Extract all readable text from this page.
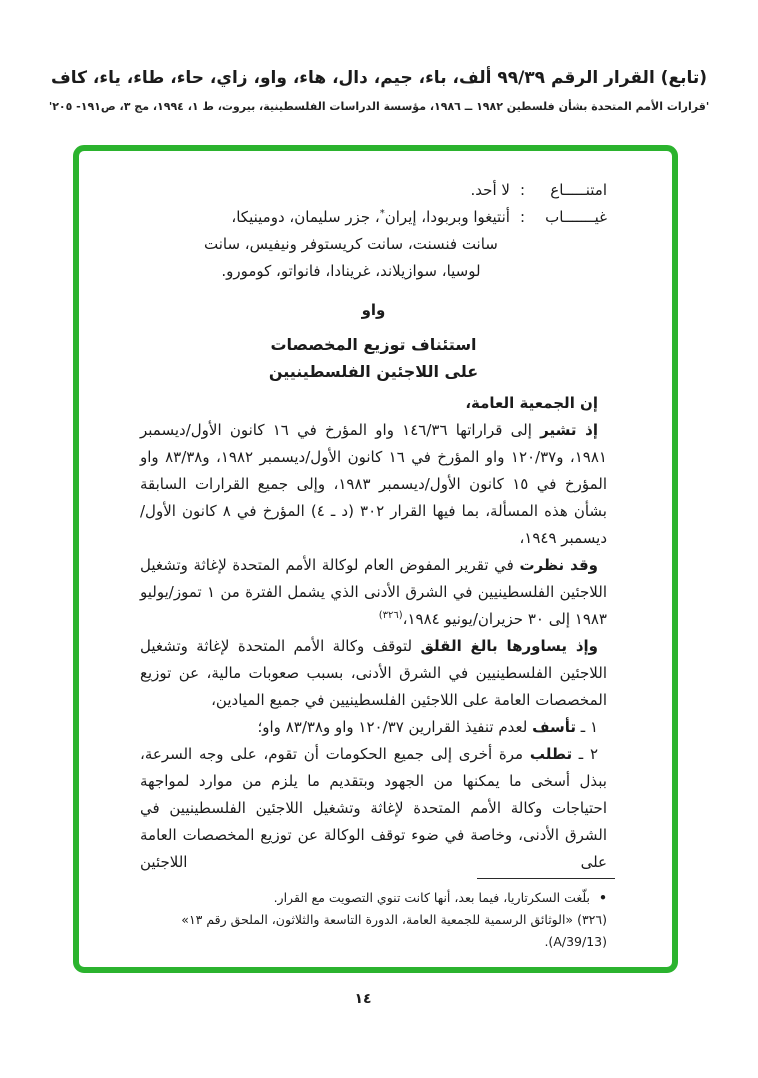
(تابع) القرار الرقم ٩٩/٣٩ ألف، باء، جيم، دال، هاء، واو، زاي، حاء، طاء، ياء، كاف
'قرارات الأمم المتحدة بشأن فلسطين ١٩٨٢ ــ ١٩٨٦، مؤسسة الدراسات الفلسطينية، بيروت، ط ١، ١٩٩٤، مج ٣، ص١٩١- ٢٠٥'
امتنـــــاع
:
لا أحد.
غيـــــــاب
:
أنتيغوا وبربودا، إيران*، جزر سليمان، دومينيكا،
سانت فنسنت، سانت كريستوفر ونيفيس، سانت
لوسيا، سوازيلاند، غرينادا، فانواتو، كومورو.
واو
استئناف توزيع المخصصات
على اللاجئين الفلسطينيين
إن الجمعية العامة،

إذ تشير إلى قراراتها ١٤٦/٣٦ واو المؤرخ في ١٦ كانون الأول/ديسمبر ١٩٨١، و١٢٠/٣٧ واو المؤرخ في ١٦ كانون الأول/ديسمبر ١٩٨٢، و٨٣/٣٨ واو المؤرخ في ١٥ كانون الأول/ديسمبر ١٩٨٣، وإلى جميع القرارات السابقة بشأن هذه المسألة، بما فيها القرار ٣٠٢ (د ـ ٤) المؤرخ في ٨ كانون الأول/ديسمبر ١٩٤٩،

وقد نظرت في تقرير المفوض العام لوكالة الأمم المتحدة لإغاثة وتشغيل اللاجئين الفلسطينيين في الشرق الأدنى الذي يشمل الفترة من ١ تموز/يوليو ١٩٨٣ إلى ٣٠ حزيران/يونيو ١٩٨٤،$^{(٣٢٦)}$

وإذ يساورها بالغ القلق لتوقف وكالة الأمم المتحدة لإغاثة وتشغيل اللاجئين الفلسطينيين في الشرق الأدنى، بسبب صعوبات مالية، عن توزيع المخصصات العامة على اللاجئين الفلسطينيين في جميع الميادين،

١ ـ تأسف لعدم تنفيذ القرارين ١٢٠/٣٧ واو و٨٣/٣٨ واو؛

٢ ـ تطلب مرة أخرى إلى جميع الحكومات أن تقوم، على وجه السرعة، ببذل أسخى ما يمكنها من الجهود وبتقديم ما يلزم من موارد لمواجهة احتياجات وكالة الأمم المتحدة لإغاثة وتشغيل اللاجئين الفلسطينيين في الشرق الأدنى، وخاصة في ضوء توقف الوكالة عن توزيع المخصصات العامة على اللاجئين

•
بلّغت السكرتاريا، فيما بعد، أنها كانت تنوي التصويت مع القرار.
(٣٢٦) «الوثائق الرسمية للجمعية العامة، الدورة التاسعة والثلاثون، الملحق رقم ١٣» (A/39/13).
١٤
